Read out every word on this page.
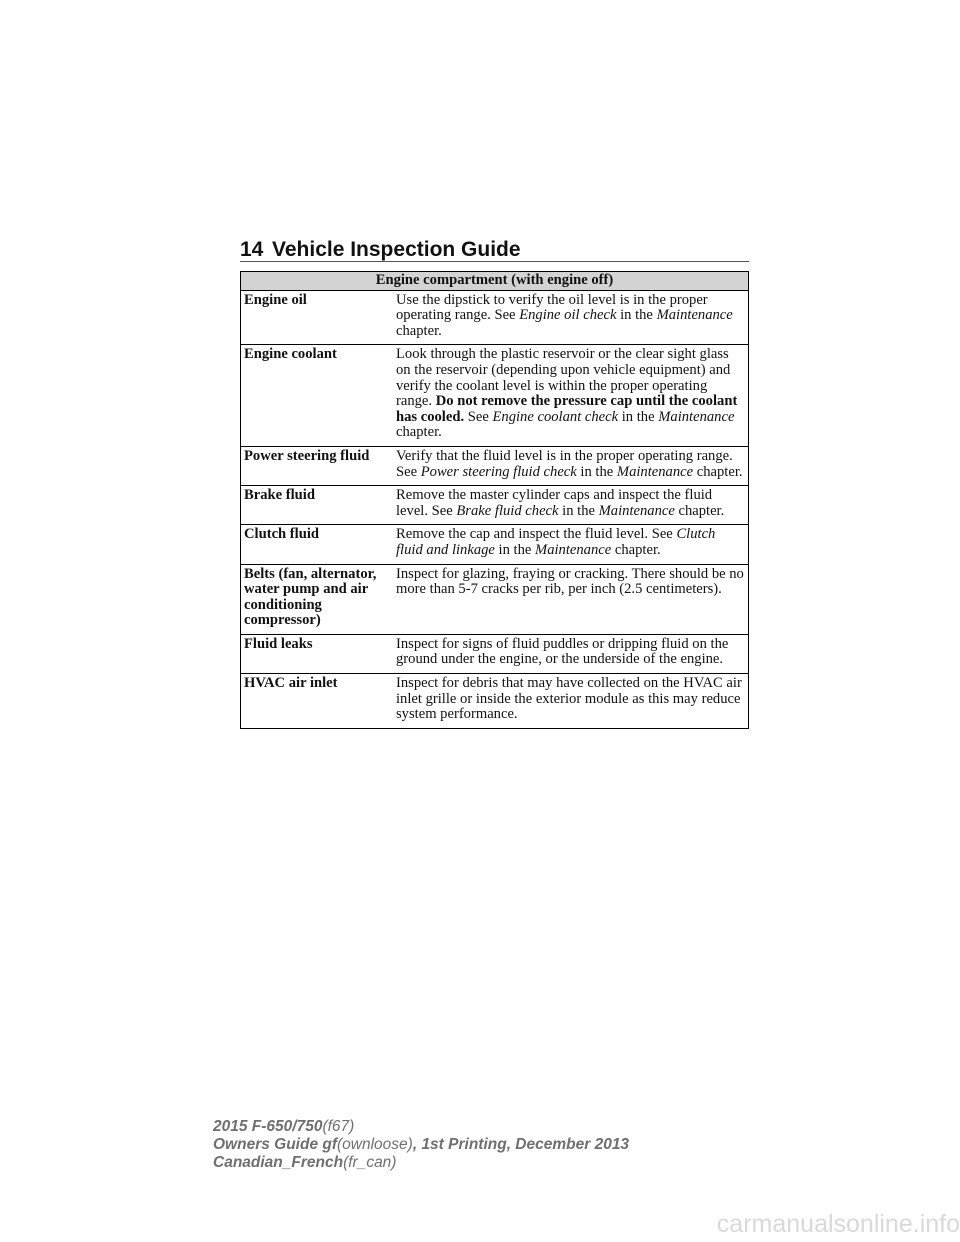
14 Vehicle Inspection Guide
Engine compartment (with engine off)	
Engine oil	Use the dipstick to verify the oil level is in the proper operating range. See Engine oil check in the Maintenance chapter.
Engine coolant	Look through the plastic reservoir or the clear sight glass on the reservoir (depending upon vehicle equipment) and verify the coolant level is within the proper operating range. Do not remove the pressure cap until the coolant has cooled. See Engine coolant check in the Maintenance chapter.
Power steering fluid	Verify that the fluid level is in the proper operating range. See Power steering fluid check in the Maintenance chapter.
Brake fluid	Remove the master cylinder caps and inspect the fluid level. See Brake fluid check in the Maintenance chapter.
Clutch fluid	Remove the cap and inspect the fluid level. See Clutch fluid and linkage in the Maintenance chapter.
Belts (fan, alternator, water pump and air conditioning compressor)	Inspect for glazing, fraying or cracking. There should be no more than 5-7 cracks per rib, per inch (2.5 centimeters).
Fluid leaks	Inspect for signs of fluid puddles or dripping fluid on the ground under the engine, or the underside of the engine.
HVAC air inlet	Inspect for debris that may have collected on the HVAC air inlet grille or inside the exterior module as this may reduce system performance.
2015 F-650/750(f67)
Owners Guide gf(ownloose), 1st Printing, December 2013
Canadian_French(fr_can)
carmanualsonline.info
